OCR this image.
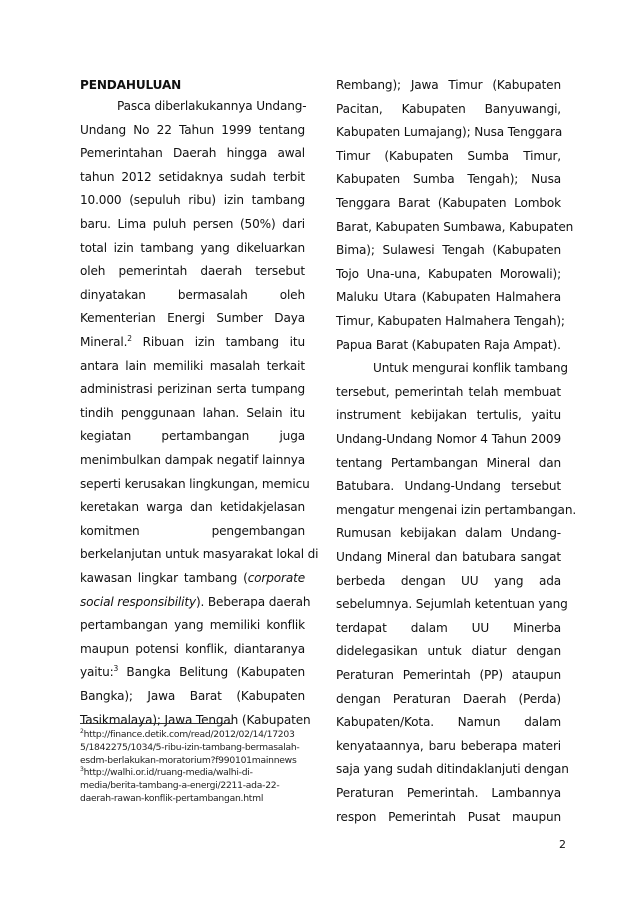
PENDAHULUAN
Pasca diberlakukannya Undang-
Undang No 22 Tahun 1999 tentang
Pemerintahan Daerah hingga awal
tahun 2012 setidaknya sudah terbit
10.000 (sepuluh ribu) izin tambang
baru. Lima puluh persen (50%) dari
total izin tambang yang dikeluarkan
oleh pemerintah daerah tersebut
dinyatakan bermasalah oleh
Kementerian Energi Sumber Daya
Mineral.$^2$ Ribuan izin tambang itu
antara lain memiliki masalah terkait
administrasi perizinan serta tumpang
tindih penggunaan lahan. Selain itu
kegiatan pertambangan juga
menimbulkan dampak negatif lainnya
seperti kerusakan lingkungan, memicu
keretakan warga dan ketidakjelasan
komitmen pengembangan
berkelanjutan untuk masyarakat lokal di
kawasan lingkar tambang (corporate
social responsibility). Beberapa daerah
pertambangan yang memiliki konflik
maupun potensi konflik, diantaranya
yaitu:$^3$ Bangka Belitung (Kabupaten
Bangka); Jawa Barat (Kabupaten
Tasikmalaya); Jawa Tengah (Kabupaten
Rembang); Jawa Timur (Kabupaten
Pacitan, Kabupaten Banyuwangi,
Kabupaten Lumajang); Nusa Tenggara
Timur (Kabupaten Sumba Timur,
Kabupaten Sumba Tengah); Nusa
Tenggara Barat (Kabupaten Lombok
Barat, Kabupaten Sumbawa, Kabupaten
Bima); Sulawesi Tengah (Kabupaten
Tojo Una-una, Kabupaten Morowali);
Maluku Utara (Kabupaten Halmahera
Timur, Kabupaten Halmahera Tengah);
Papua Barat (Kabupaten Raja Ampat).
Untuk mengurai konflik tambang
tersebut, pemerintah telah membuat
instrument kebijakan tertulis, yaitu
Undang-Undang Nomor 4 Tahun 2009
tentang Pertambangan Mineral dan
Batubara. Undang-Undang tersebut
mengatur mengenai izin pertambangan.
Rumusan kebijakan dalam Undang-
Undang Mineral dan batubara sangat
berbeda dengan UU yang ada
sebelumnya. Sejumlah ketentuan yang
terdapat dalam UU Minerba
didelegasikan untuk diatur dengan
Peraturan Pemerintah (PP) ataupun
dengan Peraturan Daerah (Perda)
Kabupaten/Kota. Namun dalam
kenyataannya, baru beberapa materi
saja yang sudah ditindaklanjuti dengan
Peraturan Pemerintah. Lambannya
respon Pemerintah Pusat maupun
$^2$http://finance.detik.com/read/2012/02/14/17203
5/1842275/1034/5-ribu-izin-tambang-bermasalah-
esdm-berlakukan-moratorium?f990101mainnews
$^3$http://walhi.or.id/ruang-media/walhi-di-
media/berita-tambang-a-energi/2211-ada-22-
daerah-rawan-konflik-pertambangan.html
2
